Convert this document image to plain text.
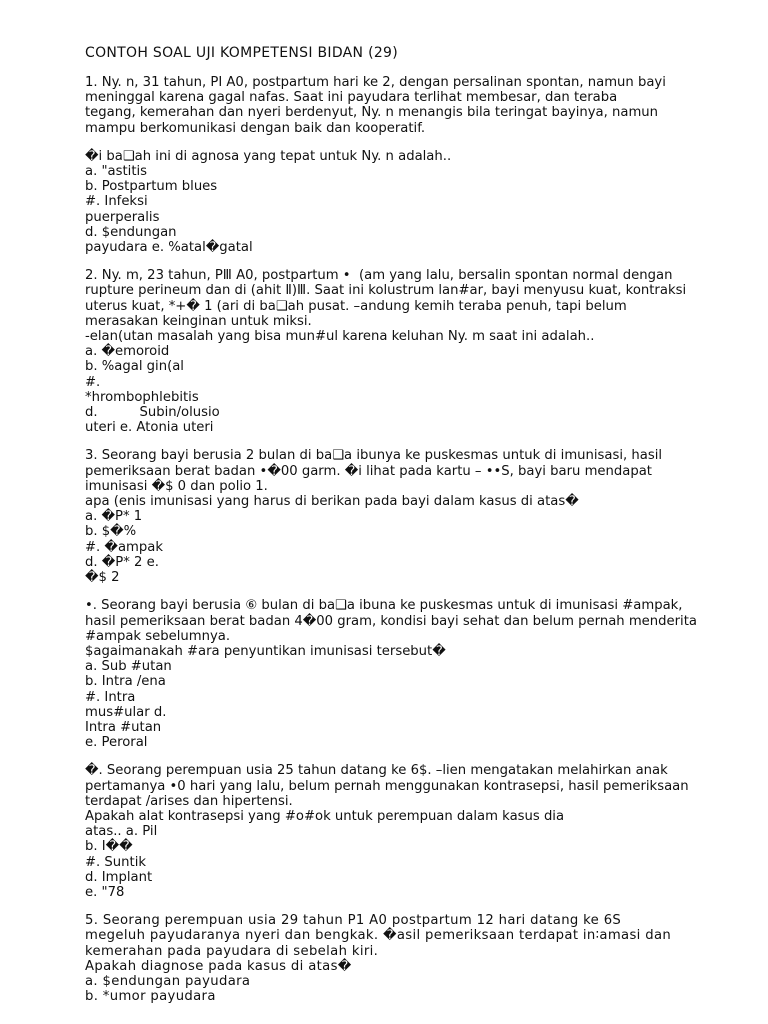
CONTOH SOAL UJI KOMPETENSI BIDAN (29)
1. Ny. n, 31 tahun, PI A0, postpartum hari ke 2, dengan persalinan spontan, namun bayi
meninggal karena gagal nafas. Saat ini payudara terlihat membesar, dan teraba
tegang, kemerahan dan nyeri berdenyut, Ny. n menangis bila teringat bayinya, namun
mampu berkomunikasi dengan baik dan kooperatif.
�i ba❑ah ini di agnosa yang tepat untuk Ny. n adalah..
a. "astitis
b. Postpartum blues
#. Infeksi
puerperalis
d. $endungan
payudara e. %atal�gatal
2. Ny. m, 23 tahun, PⅢ A0, postpartum •  (am yang lalu, bersalin spontan normal dengan
rupture perineum dan di (ahit Ⅱ)Ⅲ. Saat ini kolustrum lan#ar, bayi menyusu kuat, kontraksi
uterus kuat, *+� 1 (ari di ba❑ah pusat. –andung kemih teraba penuh, tapi belum
merasakan keinginan untuk miksi.
-elan(utan masalah yang bisa mun#ul karena keluhan Ny. m saat ini adalah..
a. �emoroid
b. %agal gin(al
#.
*hrombophlebitis
d.          Subin/olusio
uteri e. Atonia uteri
3. Seorang bayi berusia 2 bulan di ba❑a ibunya ke puskesmas untuk di imunisasi, hasil
pemeriksaan berat badan •�00 garm. �i lihat pada kartu – ••S, bayi baru mendapat
imunisasi �$ 0 dan polio 1.
apa (enis imunisasi yang harus di berikan pada bayi dalam kasus di atas�
a. �P* 1
b. $�%
#. �ampak
d. �P* 2 e.
�$ 2
•. Seorang bayi berusia ⑥ bulan di ba❑a ibuna ke puskesmas untuk di imunisasi #ampak,
hasil pemeriksaan berat badan 4�00 gram, kondisi bayi sehat dan belum pernah menderita
#ampak sebelumnya.
$agaimanakah #ara penyuntikan imunisasi tersebut�
a. Sub #utan
b. Intra /ena
#. Intra
mus#ular d.
Intra #utan
e. Peroral
�. Seorang perempuan usia 25 tahun datang ke 6$. –lien mengatakan melahirkan anak
pertamanya •0 hari yang lalu, belum pernah menggunakan kontrasepsi, hasil pemeriksaan
terdapat /arises dan hipertensi.
Apakah alat kontrasepsi yang #o#ok untuk perempuan dalam kasus dia
atas.. a. Pil
b. I��
#. Suntik
d. Implant
e. "78
5. Seorang perempuan usia 29 tahun P1 A0 postpartum 12 hari datang ke 6S
megeluh payudaranya nyeri dan bengkak. �asil pemeriksaan terdapat in∶amasi dan
kemerahan pada payudara di sebelah kiri.
Apakah diagnose pada kasus di atas�
a. $endungan payudara
b. *umor payudara
